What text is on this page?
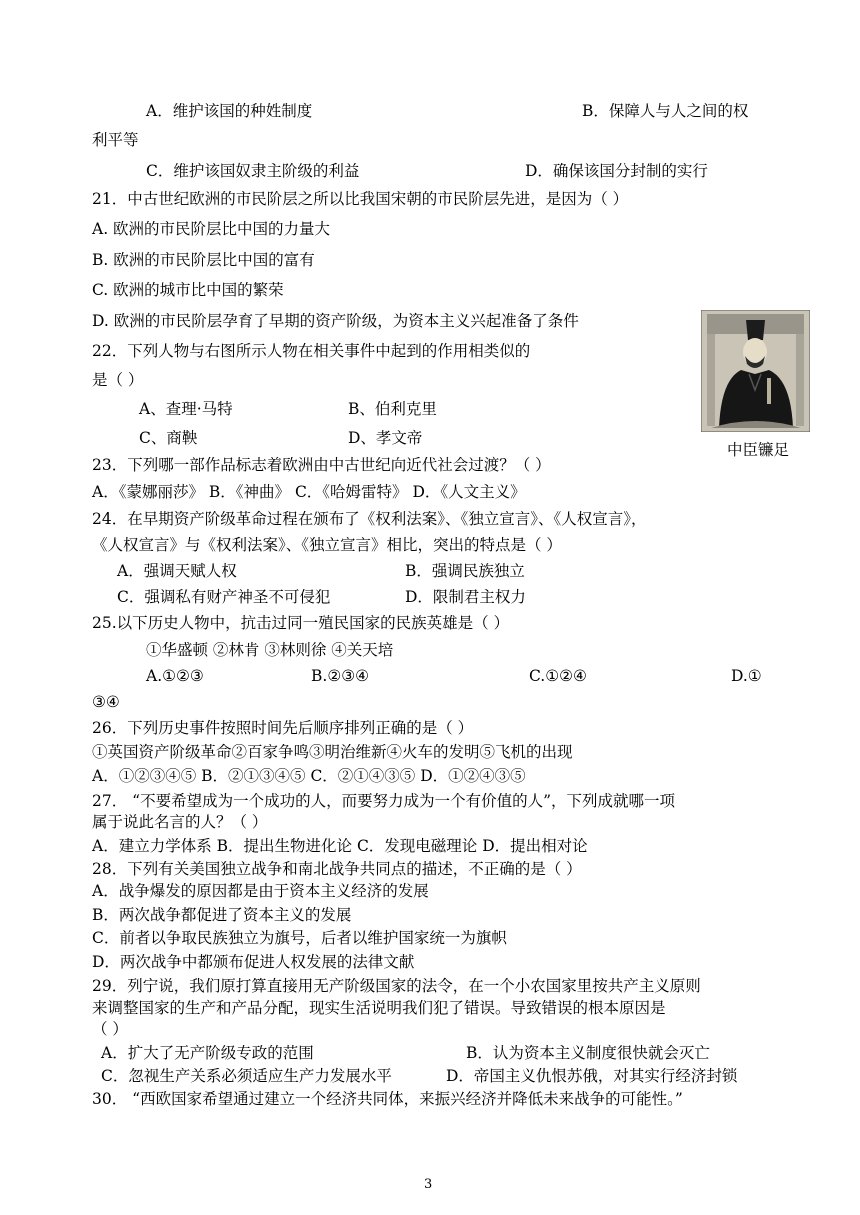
A．维护该国的种姓制度	B．保障人与人之间的权
利平等
C．维护该国奴隶主阶级的利益	D．确保该国分封制的实行
21．中古世纪欧洲的市民阶层之所以比我国宋朝的市民阶层先进，是因为（ ）
A. 欧洲的市民阶层比中国的力量大
B. 欧洲的市民阶层比中国的富有
C. 欧洲的城市比中国的繁荣
D. 欧洲的市民阶层孕育了早期的资产阶级，为资本主义兴起准备了条件
中臣镰足
22．下列人物与右图所示人物在相关事件中起到的作用相类似的
是（ ）
A、查理·马特	B、伯利克里
C、商鞅	D、孝文帝
23．下列哪一部作品标志着欧洲由中古世纪向近代社会过渡？（ ）
A．《蒙娜丽莎》 B．《神曲》 C．《哈姆雷特》 D．《人文主义》
24．在早期资产阶级革命过程在颁布了《权利法案》、《独立宣言》、《人权宣言》，
《人权宣言》与《权利法案》、《独立宣言》相比，突出的特点是（ ）
A．强调天赋人权	B．强调民族独立
C．强调私有财产神圣不可侵犯	D．限制君主权力
25.以下历史人物中，抗击过同一殖民国家的民族英雄是（ ）
①华盛顿 ②林肯 ③林则徐 ④关天培
A.①②③	B.②③④	C.①②④	D.①
③④
26．下列历史事件按照时间先后顺序排列正确的是（ ）
①英国资产阶级革命②百家争鸣③明治维新④火车的发明⑤飞机的出现
A．①②③④⑤ B．②①③④⑤ C．②①④③⑤ D．①②④③⑤
27． “不要希望成为一个成功的人，而要努力成为一个有价值的人”，下列成就哪一项
属于说此名言的人？（ ）
A．建立力学体系 B．提出生物进化论 C．发现电磁理论 D．提出相对论
28．下列有关美国独立战争和南北战争共同点的描述，不正确的是（ ）
A．战争爆发的原因都是由于资本主义经济的发展
B．两次战争都促进了资本主义的发展
C．前者以争取民族独立为旗号，后者以维护国家统一为旗帜
D．两次战争中都颁布促进人权发展的法律文献
29．列宁说，我们原打算直接用无产阶级国家的法令，在一个小农国家里按共产主义原则
来调整国家的生产和产品分配，现实生活说明我们犯了错误。导致错误的根本原因是
（ ）
A．扩大了无产阶级专政的范围	B．认为资本主义制度很快就会灭亡
C．忽视生产关系必须适应生产力发展水平	D．帝国主义仇恨苏俄，对其实行经济封锁
30． “西欧国家希望通过建立一个经济共同体，来振兴经济并降低未来战争的可能性。”
3
